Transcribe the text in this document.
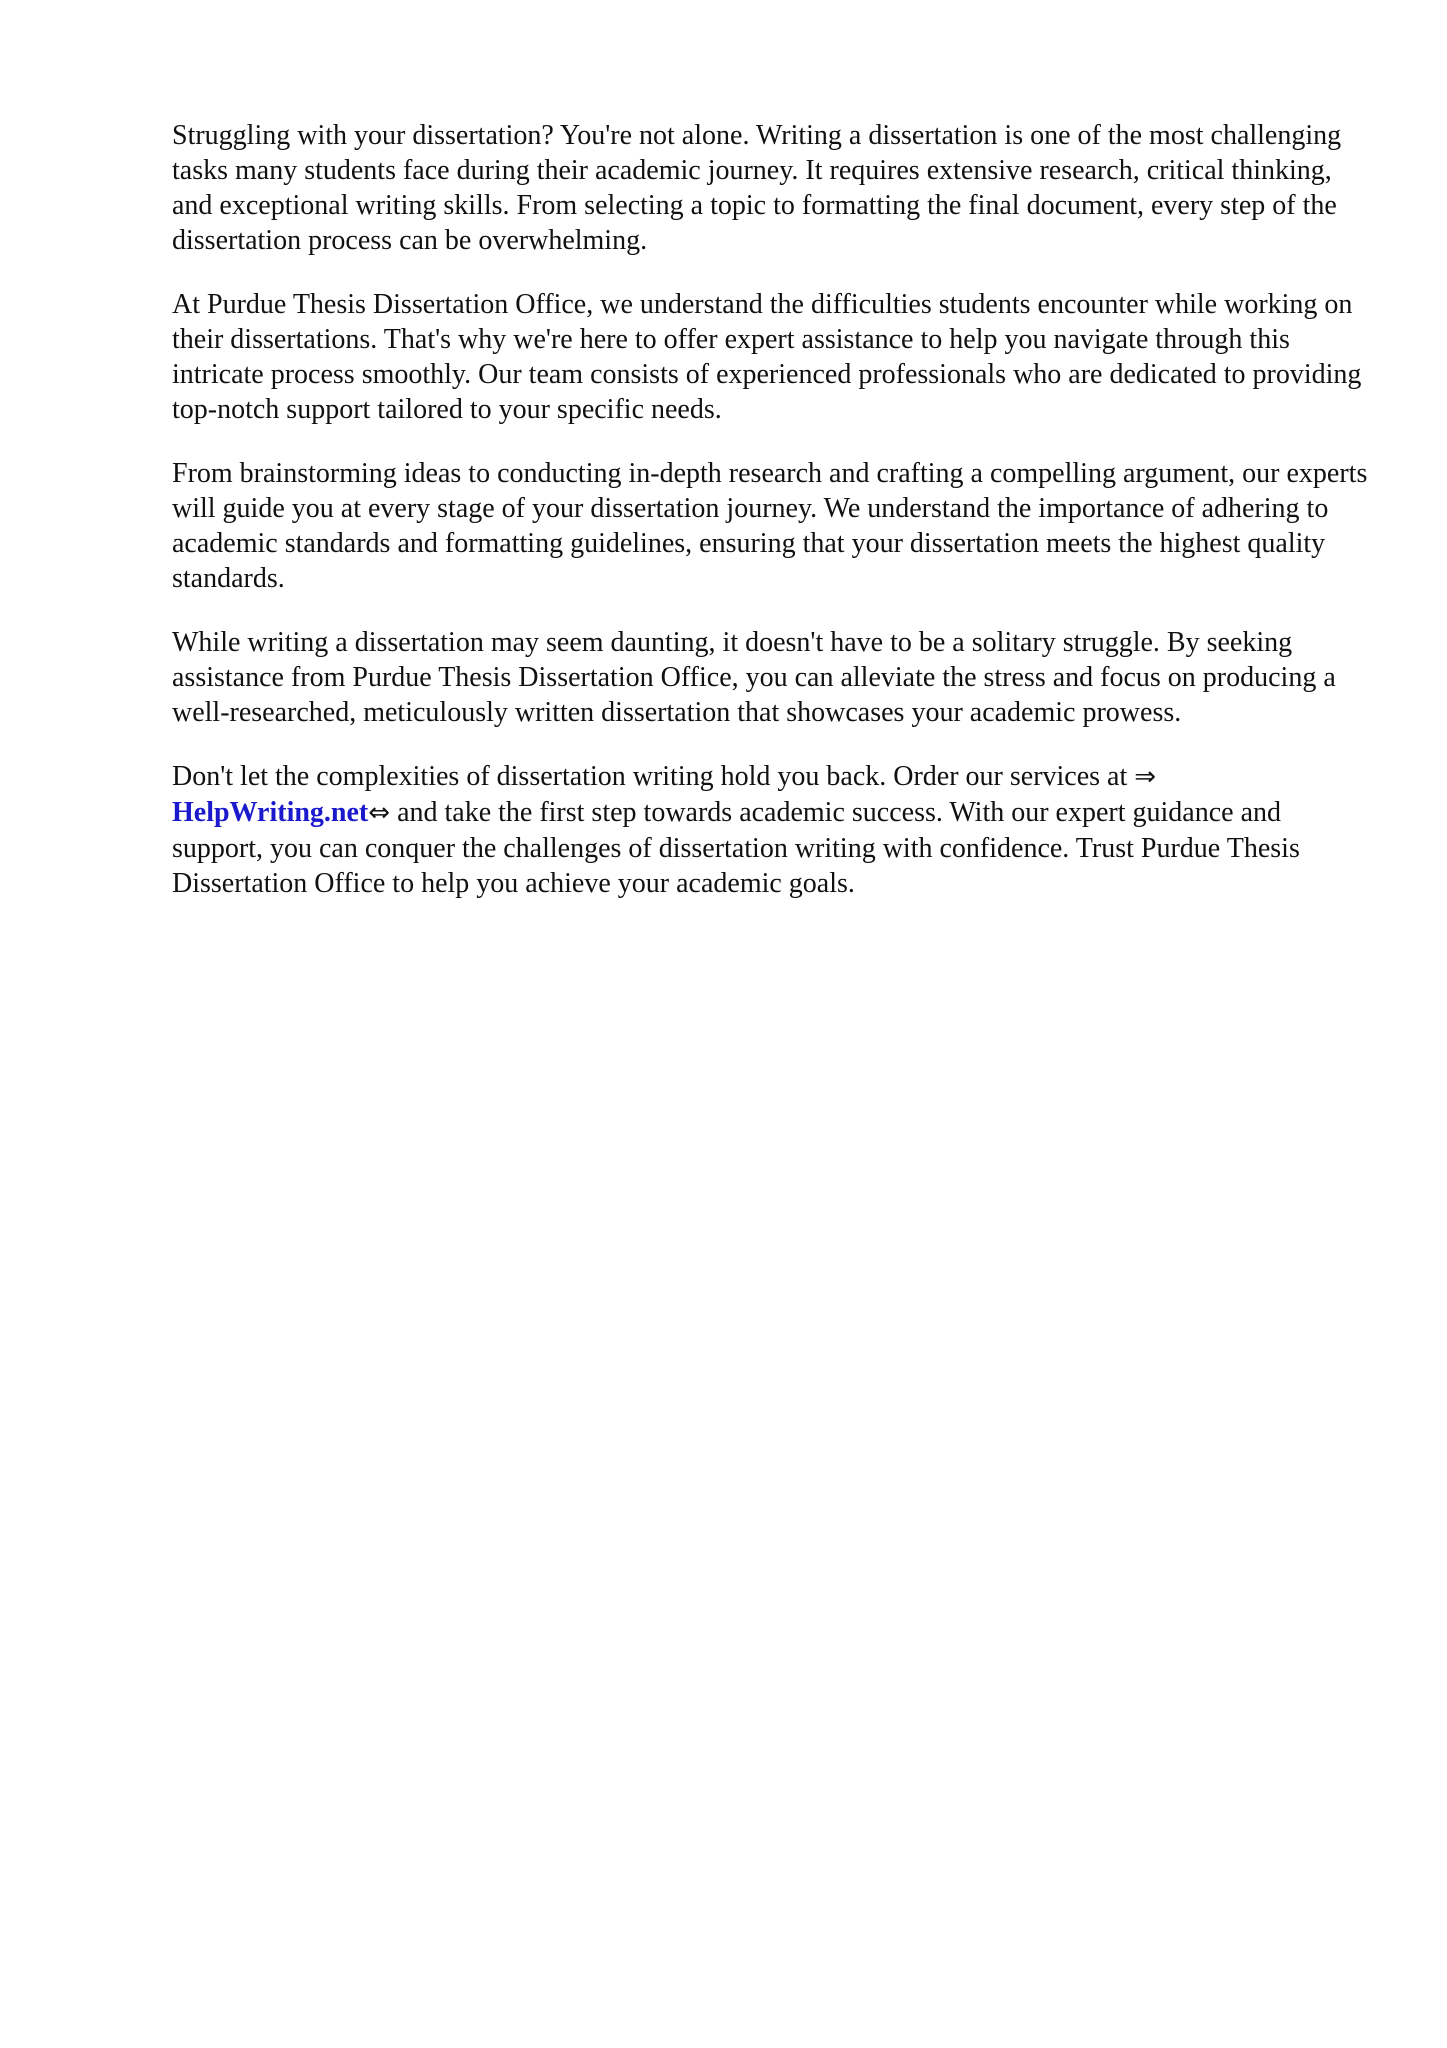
Struggling with your dissertation? You're not alone. Writing a dissertation is one of the most challenging tasks many students face during their academic journey. It requires extensive research, critical thinking, and exceptional writing skills. From selecting a topic to formatting the final document, every step of the dissertation process can be overwhelming.

At Purdue Thesis Dissertation Office, we understand the difficulties students encounter while working on their dissertations. That's why we're here to offer expert assistance to help you navigate through this intricate process smoothly. Our team consists of experienced professionals who are dedicated to providing top-notch support tailored to your specific needs.

From brainstorming ideas to conducting in-depth research and crafting a compelling argument, our experts will guide you at every stage of your dissertation journey. We understand the importance of adhering to academic standards and formatting guidelines, ensuring that your dissertation meets the highest quality standards.

While writing a dissertation may seem daunting, it doesn't have to be a solitary struggle. By seeking assistance from Purdue Thesis Dissertation Office, you can alleviate the stress and focus on producing a well-researched, meticulously written dissertation that showcases your academic prowess.

Don't let the complexities of dissertation writing hold you back. Order our services at ⇒ HelpWriting.net⇔ and take the first step towards academic success. With our expert guidance and support, you can conquer the challenges of dissertation writing with confidence. Trust Purdue Thesis Dissertation Office to help you achieve your academic goals.
